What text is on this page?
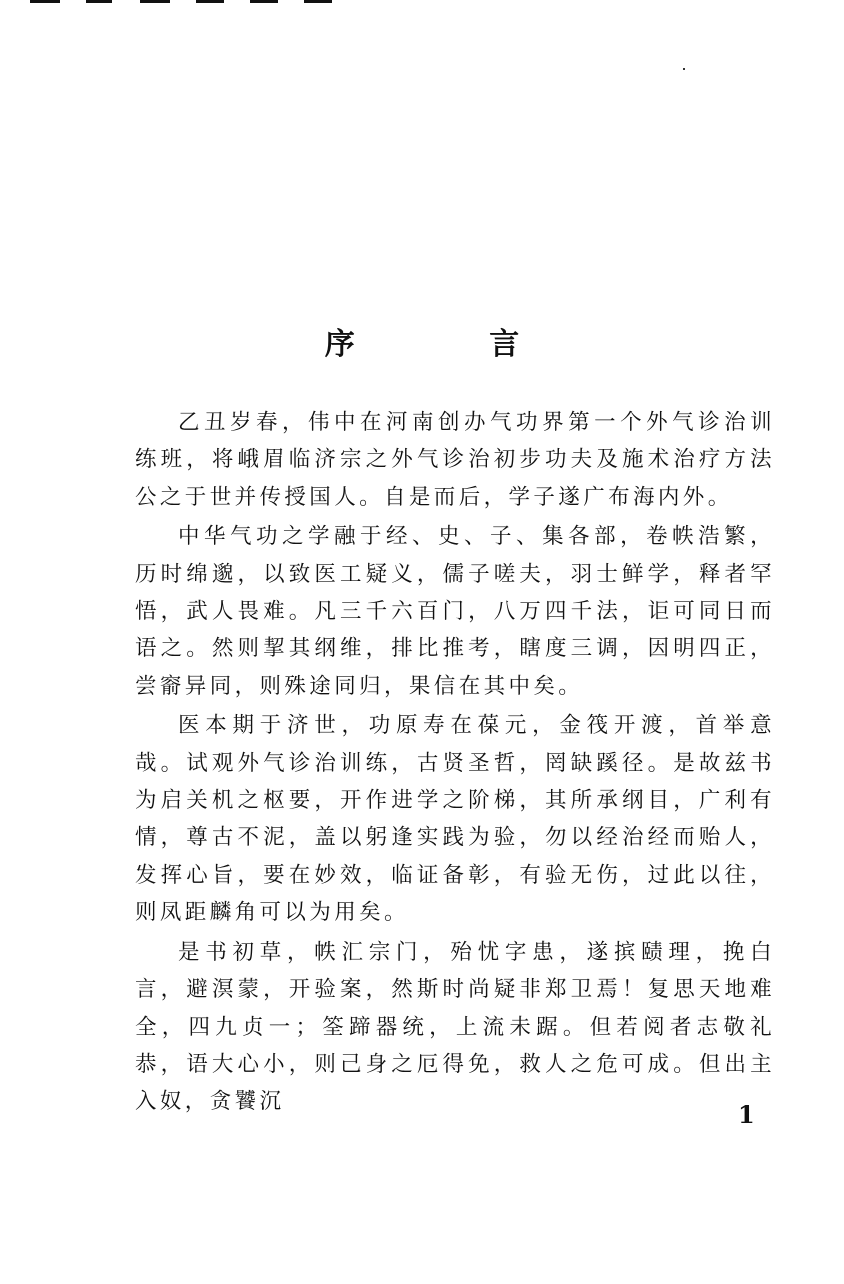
序 言

乙丑岁春，伟中在河南创办气功界第一个外气诊治训练班，将峨眉临济宗之外气诊治初步功夫及施术治疗方法公之于世并传授国人。自是而后，学子遂广布海内外。

中华气功之学融于经、史、子、集各部，卷帙浩繁，历时绵邈，以致医工疑义，儒子嗟夫，羽士鲜学，释者罕悟，武人畏难。凡三千六百门，八万四千法，讵可同日而语之。然则挈其纲维，排比推考，瞎度三调，因明四正，尝窬异同，则殊途同归，果信在其中矣。

医本期于济世，功原寿在葆元，金筏开渡，首举意哉。试观外气诊治训练，古贤圣哲，罔缺蹊径。是故兹书为启关机之枢要，开作进学之阶梯，其所承纲目，广利有情，尊古不泥，盖以躬逢实践为验，勿以经治经而贻人，发挥心旨，要在妙效，临证备彰，有验无伤，过此以往，则凤距麟角可以为用矣。

是书初草，帙汇宗门，殆忧字患，遂摈赜理，挽白言，避溟蒙，开验案，然斯时尚疑非郑卫焉！复思天地难全，四九贞一；筌蹄器统，上流未踞。但若阅者志敬礼恭，语大心小，则己身之厄得免，救人之危可成。但出主入奴，贪饕沉	1
